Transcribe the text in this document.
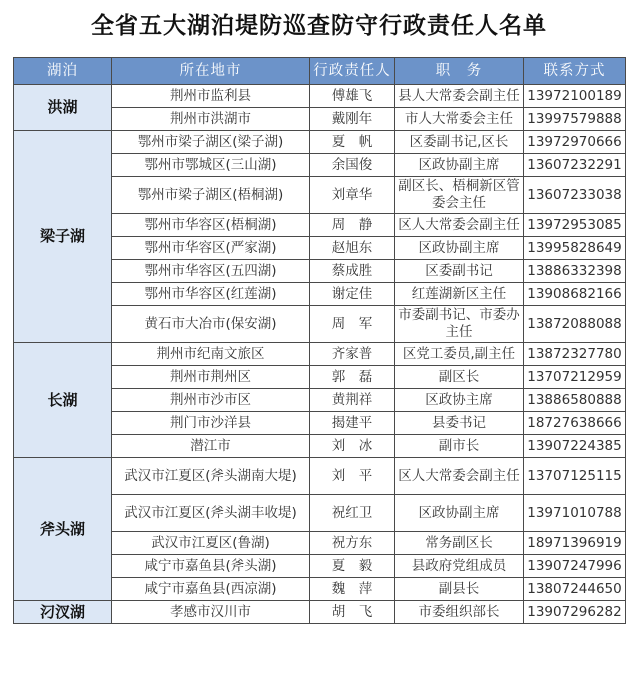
全省五大湖泊堤防巡查防守行政责任人名单
湖泊	所在地市	行政责任人	职　务	联系方式
洪湖	荆州市监利县	傅雄飞	县人大常委会副主任	13972100189
	荆州市洪湖市	戴刚年	市人大常委会主任	13997579888
梁子湖	鄂州市梁子湖区(梁子湖)	夏　帆	区委副书记,区长	13972970666
	鄂州市鄂城区(三山湖)	余国俊	区政协副主席	13607232291
	鄂州市梁子湖区(梧桐湖)	刘章华	副区长、梧桐新区管委会主任	13607233038
	鄂州市华容区(梧桐湖)	周　静	区人大常委会副主任	13972953085
	鄂州市华容区(严家湖)	赵旭东	区政协副主席	13995828649
	鄂州市华容区(五四湖)	蔡成胜	区委副书记	13886332398
	鄂州市华容区(红莲湖)	谢定佳	红莲湖新区主任	13908682166
	黄石市大冶市(保安湖)	周　军	市委副书记、市委办主任	13872088088
长湖	荆州市纪南文旅区	齐家普	区党工委员,副主任	13872327780
	荆州市荆州区	郭　磊	副区长	13707212959
	荆州市沙市区	黄荆祥	区政协主席	13886580888
	荆门市沙洋县	揭建平	县委书记	18727638666
	潜江市	刘　冰	副市长	13907224385
斧头湖	武汉市江夏区(斧头湖南大堤)	刘　平	区人大常委会副主任	13707125115
	武汉市江夏区(斧头湖丰收堤)	祝红卫	区政协副主席	13971010788
	武汉市江夏区(鲁湖)	祝方东	常务副区长	18971396919
	咸宁市嘉鱼县(斧头湖)	夏　毅	县政府党组成员	13907247996
	咸宁市嘉鱼县(西凉湖)	魏　萍	副县长	13807244650
汈汊湖	孝感市汉川市	胡　飞	市委组织部长	13907296282
